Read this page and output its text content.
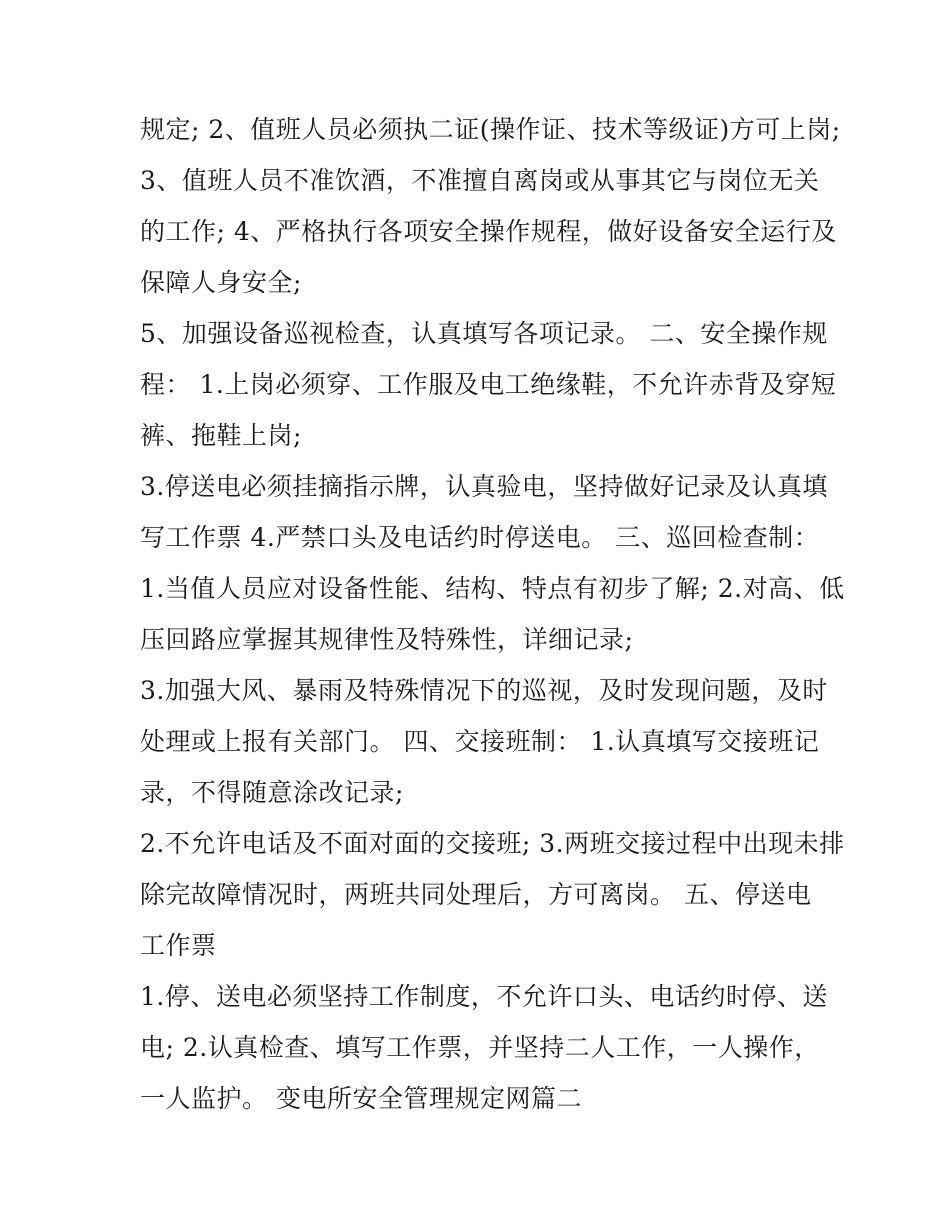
规定; 2、值班人员必须执二证(操作证、技术等级证)方可上岗;
3、值班人员不准饮酒，不准擅自离岗或从事其它与岗位无关
的工作; 4、严格执行各项安全操作规程，做好设备安全运行及
保障人身安全;
5、加强设备巡视检查，认真填写各项记录。 二、安全操作规
程： 1.上岗必须穿、工作服及电工绝缘鞋，不允许赤背及穿短
裤、拖鞋上岗;
3.停送电必须挂摘指示牌，认真验电，坚持做好记录及认真填
写工作票 4.严禁口头及电话约时停送电。 三、巡回检查制：
1.当值人员应对设备性能、结构、特点有初步了解; 2.对高、低
压回路应掌握其规律性及特殊性，详细记录;
3.加强大风、暴雨及特殊情况下的巡视，及时发现问题，及时
处理或上报有关部门。 四、交接班制： 1.认真填写交接班记
录，不得随意涂改记录;
2.不允许电话及不面对面的交接班; 3.两班交接过程中出现未排
除完故障情况时，两班共同处理后，方可离岗。 五、停送电
工作票
1.停、送电必须坚持工作制度，不允许口头、电话约时停、送
电; 2.认真检查、填写工作票，并坚持二人工作，一人操作，
一人监护。 变电所安全管理规定网篇二
